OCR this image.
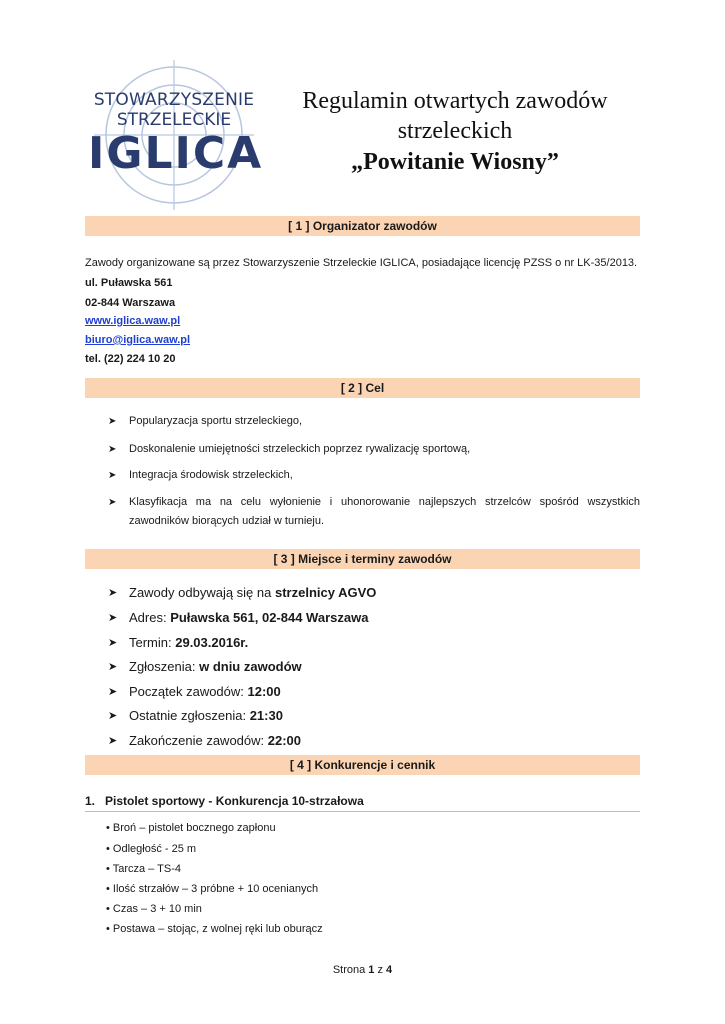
STOWARZYSZENIE
STRZELECKIE
IGLICA
Regulamin otwartych zawodów
strzeleckich
„Powitanie Wiosny”
[ 1 ] Organizator zawodów
Zawody organizowane są przez Stowarzyszenie Strzeleckie IGLICA, posiadające licencję PZSS o nr LK-35/2013.
ul. Puławska 561
02-844 Warszawa
www.iglica.waw.pl
biuro@iglica.waw.pl
tel. (22) 224 10 20
[ 2 ] Cel
➤ Popularyzacja sportu strzeleckiego,
➤ Doskonalenie umiejętności strzeleckich poprzez rywalizację sportową,
➤ Integracja środowisk strzeleckich,
➤ Klasyfikacja ma na celu wyłonienie i uhonorowanie najlepszych strzelców spośród wszystkich zawodników biorących udział w turnieju.
[ 3 ] Miejsce i terminy zawodów
➤ Zawody odbywają się na strzelnicy AGVO
➤ Adres: Puławska 561, 02-844 Warszawa
➤ Termin: 29.03.2016r.
➤ Zgłoszenia: w dniu zawodów
➤ Początek zawodów: 12:00
➤ Ostatnie zgłoszenia: 21:30
➤ Zakończenie zawodów: 22:00
[ 4 ] Konkurencje i cennik
1.   Pistolet sportowy - Konkurencja 10-strzałowa
• Broń – pistolet bocznego zapłonu
• Odległość - 25 m
• Tarcza – TS-4
• Ilość strzałów – 3 próbne + 10 ocenianych
• Czas – 3 + 10 min
• Postawa – stojąc, z wolnej ręki lub oburącz
Strona 1 z 4
